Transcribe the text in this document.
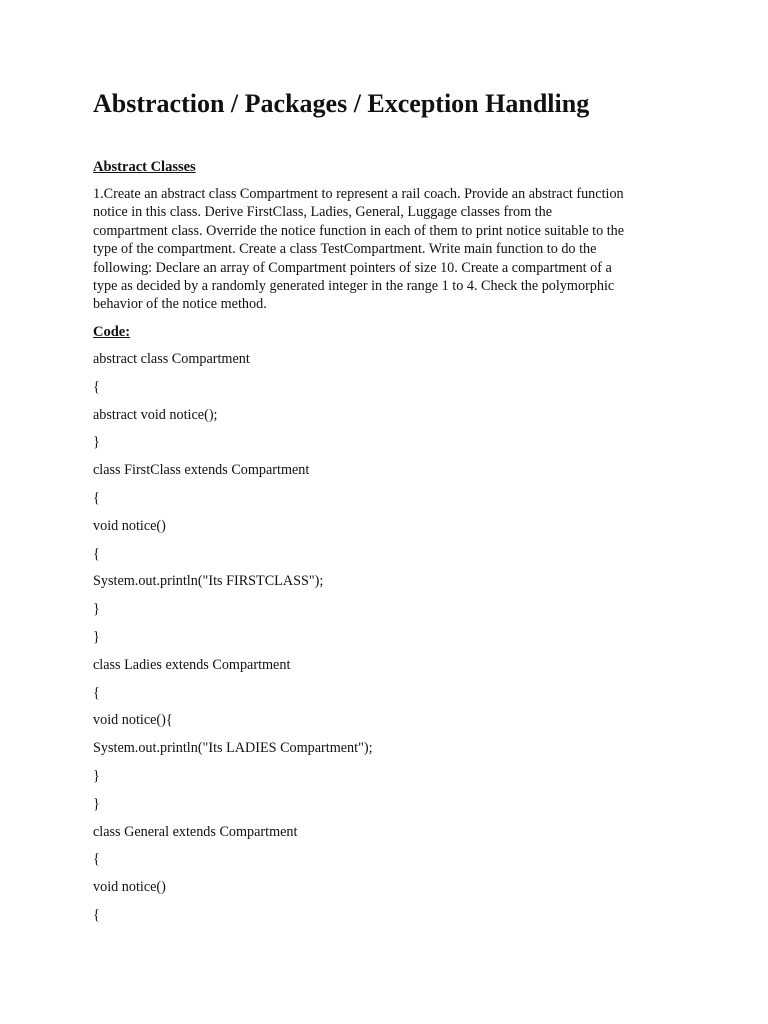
Abstraction / Packages / Exception Handling
Abstract Classes

1.Create an abstract class Compartment to represent a rail coach. Provide an abstract function
notice in this class. Derive FirstClass, Ladies, General, Luggage classes from the
compartment class. Override the notice function in each of them to print notice suitable to the
type of the compartment. Create a class TestCompartment. Write main function to do the
following: Declare an array of Compartment pointers of size 10. Create a compartment of a
type as decided by a randomly generated integer in the range 1 to 4. Check the polymorphic
behavior of the notice method.

Code:
abstract class Compartment
{
abstract void notice();
}
class FirstClass extends Compartment
{
void notice()
{
System.out.println("Its FIRSTCLASS");
}
}
class Ladies extends Compartment
{
void notice(){
System.out.println("Its LADIES Compartment");
}
}
class General extends Compartment
{
void notice()
{
